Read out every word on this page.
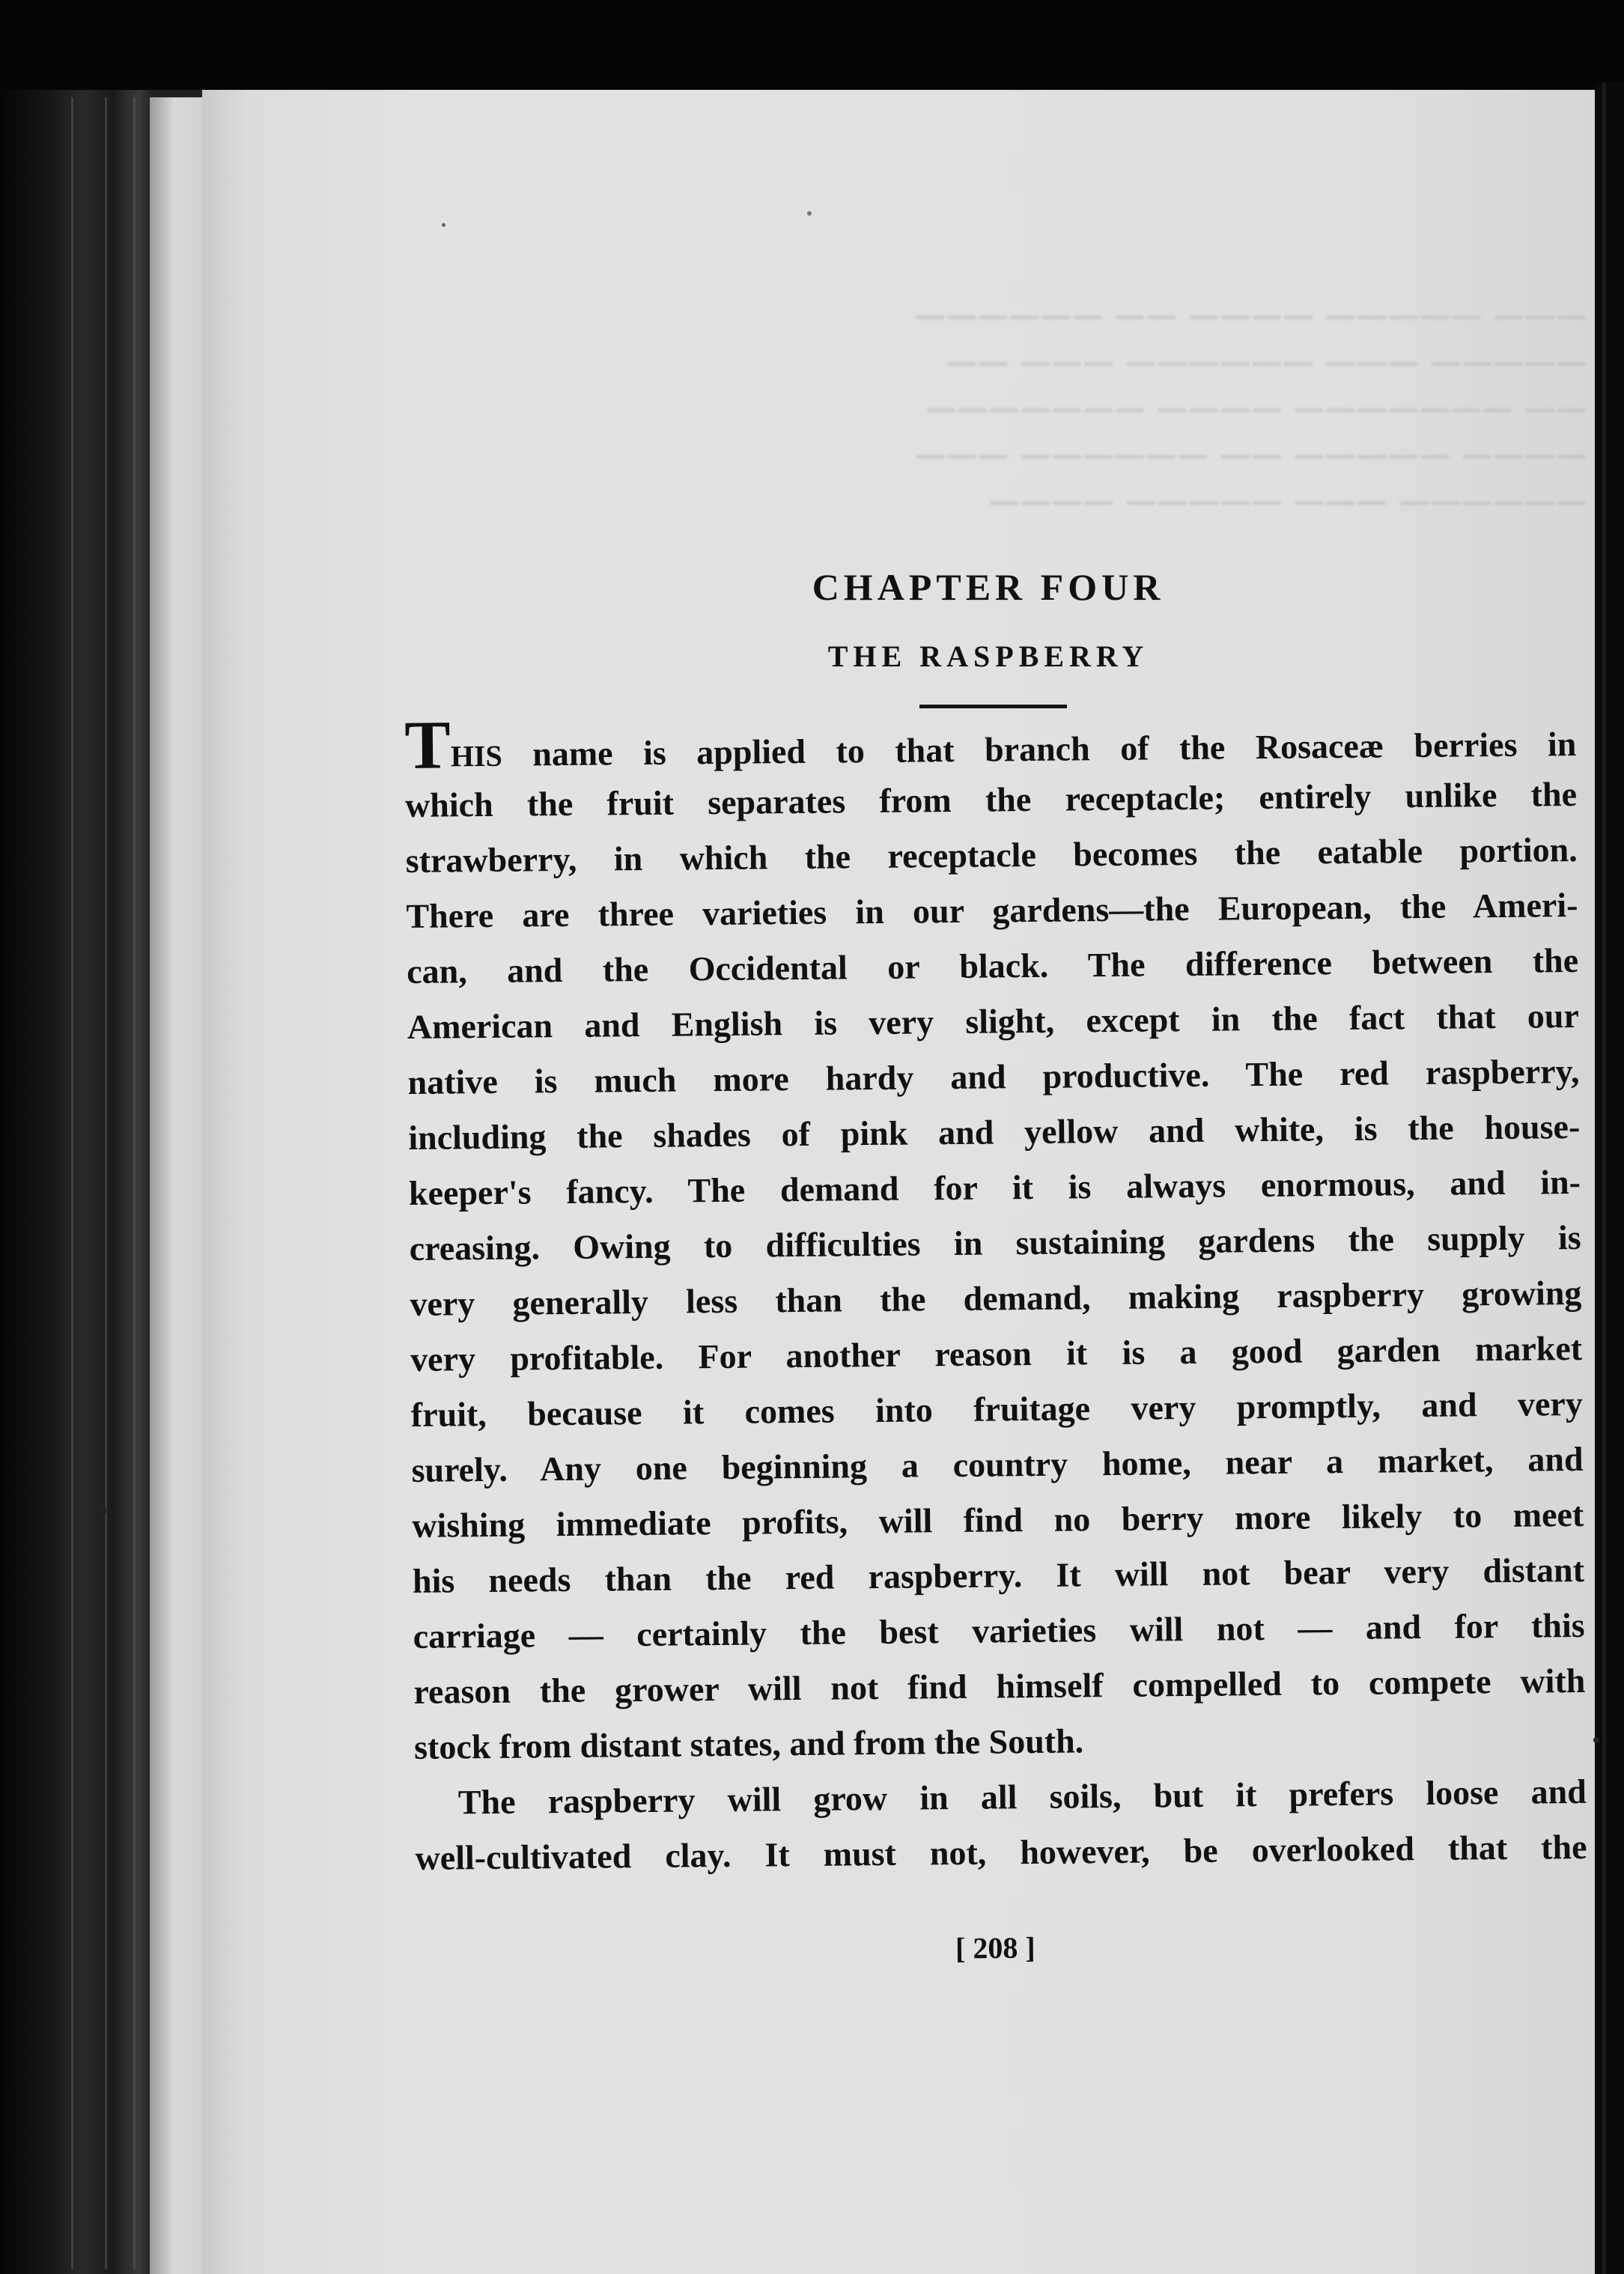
——— ————— ———— —— ——————
————— ——— —————— ——— ——
—— ——————— ———— ———————
———— ————— —— —————— ———
—————— ——— ————— ————
CHAPTER FOUR
THE RASPBERRY
THIS name is applied to that branch of the Rosaceæ berries in
which the fruit separates from the receptacle; entirely unlike the
strawberry, in which the receptacle becomes the eatable portion.
There are three varieties in our gardens—the European, the Ameri-
can, and the Occidental or black. The difference between the
American and English is very slight, except in the fact that our
native is much more hardy and productive. The red raspberry,
including the shades of pink and yellow and white, is the house-
keeper's fancy. The demand for it is always enormous, and in-
creasing. Owing to difficulties in sustaining gardens the supply is
very generally less than the demand, making raspberry growing
very profitable. For another reason it is a good garden market
fruit, because it comes into fruitage very promptly, and very
surely. Any one beginning a country home, near a market, and
wishing immediate profits, will find no berry more likely to meet
his needs than the red raspberry. It will not bear very distant
carriage — certainly the best varieties will not — and for this
reason the grower will not find himself compelled to compete with
stock from distant states, and from the South.
The raspberry will grow in all soils, but it prefers loose and
well-cultivated clay. It must not, however, be overlooked that the
[ 208 ]
